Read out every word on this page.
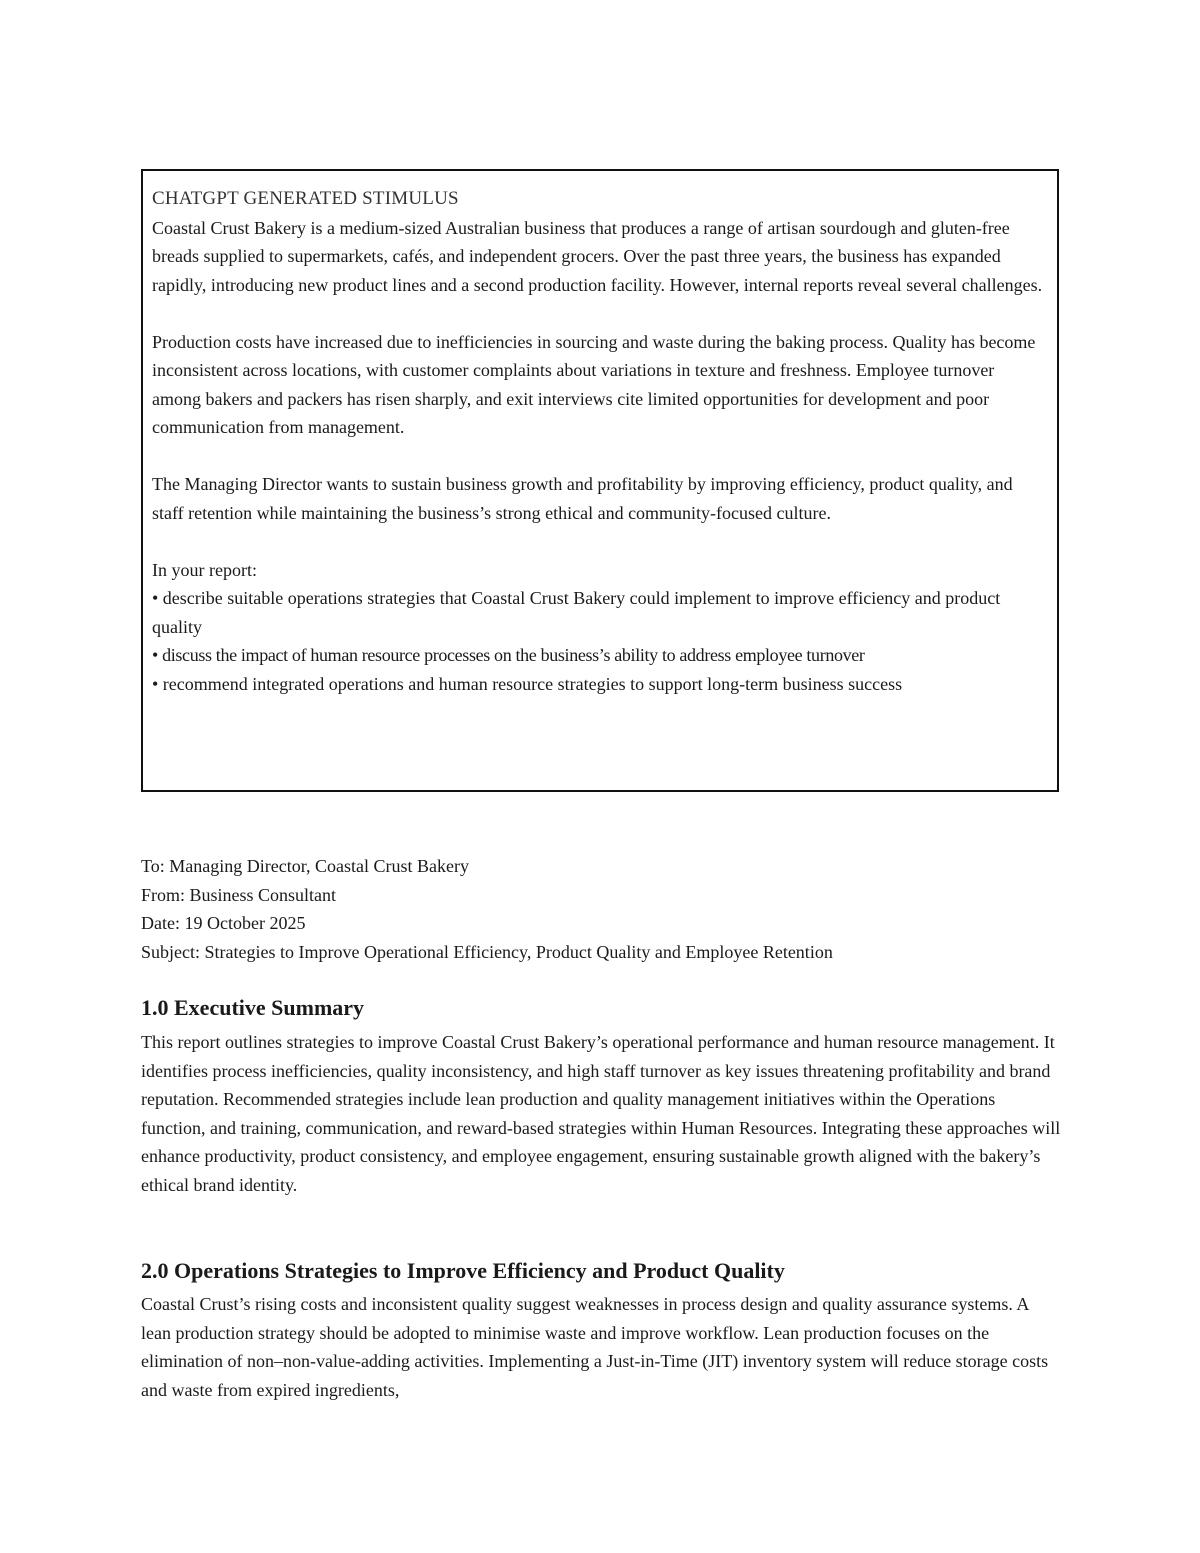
CHATGPT GENERATED STIMULUS

Coastal Crust Bakery is a medium-sized Australian business that produces a range of artisan sourdough and gluten-free breads supplied to supermarkets, cafés, and independent grocers. Over the past three years, the business has expanded rapidly, introducing new product lines and a second production facility. However, internal reports reveal several challenges.

Production costs have increased due to inefficiencies in sourcing and waste during the baking process. Quality has become inconsistent across locations, with customer complaints about variations in texture and freshness. Employee turnover among bakers and packers has risen sharply, and exit interviews cite limited opportunities for development and poor communication from management.

The Managing Director wants to sustain business growth and profitability by improving efficiency, product quality, and staff retention while maintaining the business’s strong ethical and community-focused culture.

In your report:

• describe suitable operations strategies that Coastal Crust Bakery could implement to improve efficiency and product quality

• discuss the impact of human resource processes on the business’s ability to address employee turnover

• recommend integrated operations and human resource strategies to support long-term business success

To: Managing Director, Coastal Crust Bakery

From: Business Consultant

Date: 19 October 2025

Subject: Strategies to Improve Operational Efficiency, Product Quality and Employee Retention

1.0 Executive Summary

This report outlines strategies to improve Coastal Crust Bakery’s operational performance and human resource management. It identifies process inefficiencies, quality inconsistency, and high staff turnover as key issues threatening profitability and brand reputation. Recommended strategies include lean production and quality management initiatives within the Operations function, and training, communication, and reward-based strategies within Human Resources. Integrating these approaches will enhance productivity, product consistency, and employee engagement, ensuring sustainable growth aligned with the bakery’s ethical brand identity.

2.0 Operations Strategies to Improve Efficiency and Product Quality

Coastal Crust’s rising costs and inconsistent quality suggest weaknesses in process design and quality assurance systems. A lean production strategy should be adopted to minimise waste and improve workflow. Lean production focuses on the elimination of non–non-value-adding activities. Implementing a Just-in-Time (JIT) inventory system will reduce storage costs and waste from expired ingredients,
